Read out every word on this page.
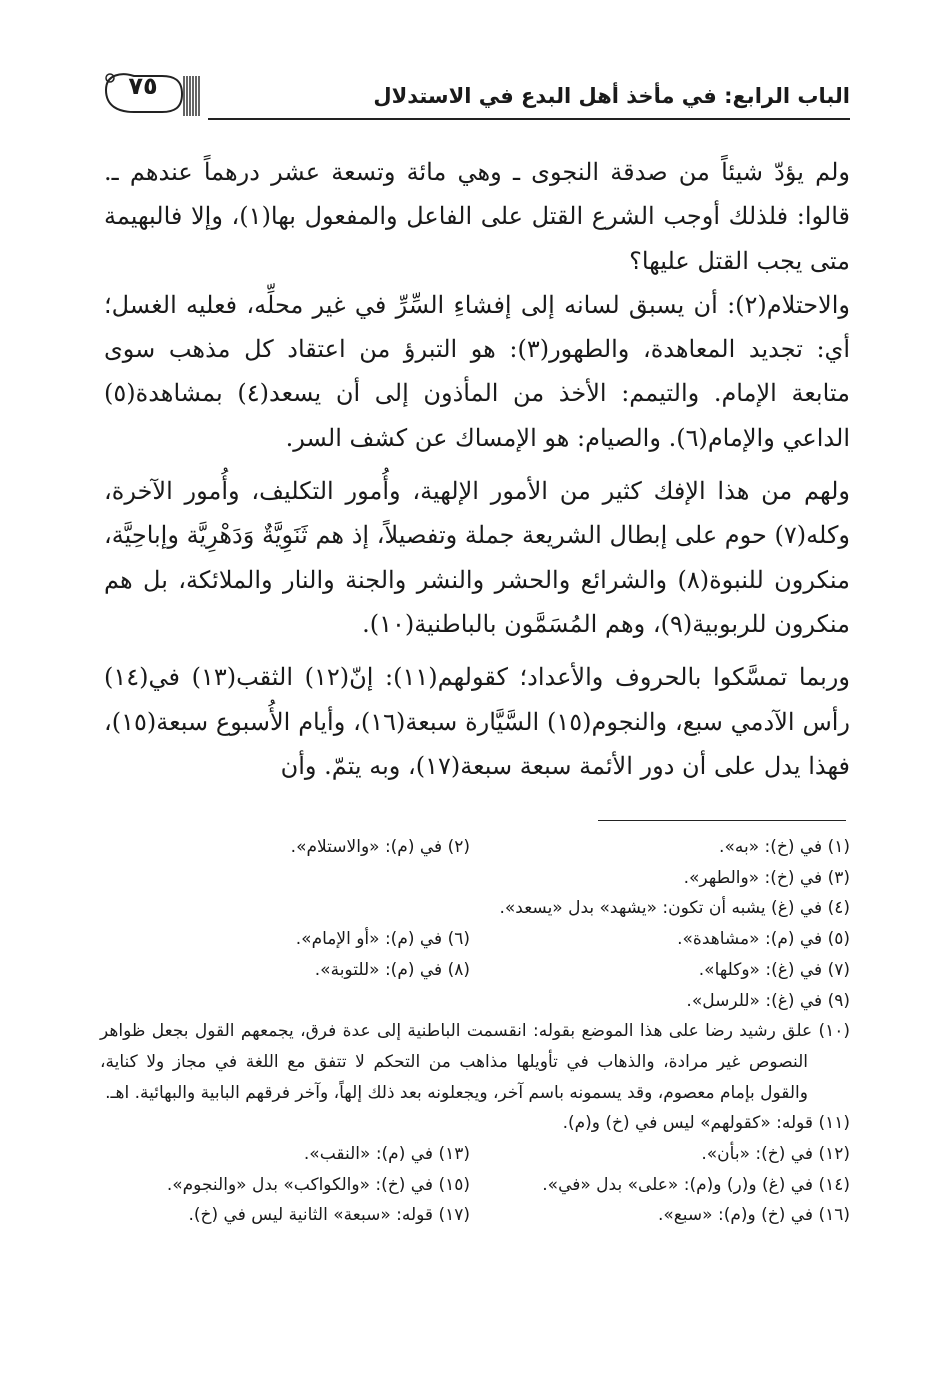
الباب الرابع: في مأخذ أهل البدع في الاستدلال
٧٥

ولم يؤدّ شيئاً من صدقة النجوى ـ وهي مائة وتسعة عشر درهماً عندهم ـ. قالوا: فلذلك أوجب الشرع القتل على الفاعل والمفعول بها(١)، وإلا فالبهيمة متى يجب القتل عليها؟

والاحتلام(٢): أن يسبق لسانه إلى إفشاءِ السِّرِّ في غير محلِّه، فعليه الغسل؛ أي: تجديد المعاهدة، والطهور(٣): هو التبرؤ من اعتقاد كل مذهب سوى متابعة الإمام. والتيمم: الأخذ من المأذون إلى أن يسعد(٤) بمشاهدة(٥) الداعي والإمام(٦). والصيام: هو الإمساك عن كشف السر.

ولهم من هذا الإفك كثير من الأمور الإلهية، وأُمور التكليف، وأُمور الآخرة، وكله(٧) حوم على إبطال الشريعة جملة وتفصيلاً، إذ هم ثَنَوِيَّةٌ وَدَهْرِيَّة وإباحِيَّة، منكرون للنبوة(٨) والشرائع والحشر والنشر والجنة والنار والملائكة، بل هم منكرون للربوبية(٩)، وهم المُسَمَّون بالباطنية(١٠).

وربما تمسَّكوا بالحروف والأعداد؛ كقولهم(١١): إنّ(١٢) الثقب(١٣) في(١٤) رأس الآدمي سبع، والنجوم(١٥) السَّيَّارة سبعة(١٦)، وأيام الأُسبوع سبعة(١٥)، فهذا يدل على أن دور الأئمة سبعة سبعة(١٧)، وبه يتمّ. وأن

(١) في (خ): «به».
(٢) في (م): «والاستلام».
(٣) في (خ): «والطهر».
(٤) في (غ) يشبه أن تكون: «يشهد» بدل «يسعد».
(٥) في (م): «مشاهدة».
(٦) في (م): «أو الإمام».
(٧) في (غ): «وكلها».
(٨) في (م): «للتوبة».
(٩) في (غ): «للرسل».
(١٠) علق رشيد رضا على هذا الموضع بقوله: انقسمت الباطنية إلى عدة فرق، يجمعهم القول بجعل ظواهر النصوص غير مرادة، والذهاب في تأويلها مذاهب من التحكم لا تتفق مع اللغة في مجاز ولا كناية، والقول بإمام معصوم، وقد يسمونه باسم آخر، ويجعلونه بعد ذلك إلهاً، وآخر فرقهم البابية والبهائية. اهـ.
(١١) قوله: «كقولهم» ليس في (خ) و(م).
(١٢) في (خ): «بأن».
(١٣) في (م): «النقب».
(١٤) في (غ) و(ر) و(م): «على» بدل «في».
(١٥) في (خ): «والكواكب» بدل «والنجوم».
(١٦) في (خ) و(م): «سبع».
(١٧) قوله: «سبعة» الثانية ليس في (خ).
